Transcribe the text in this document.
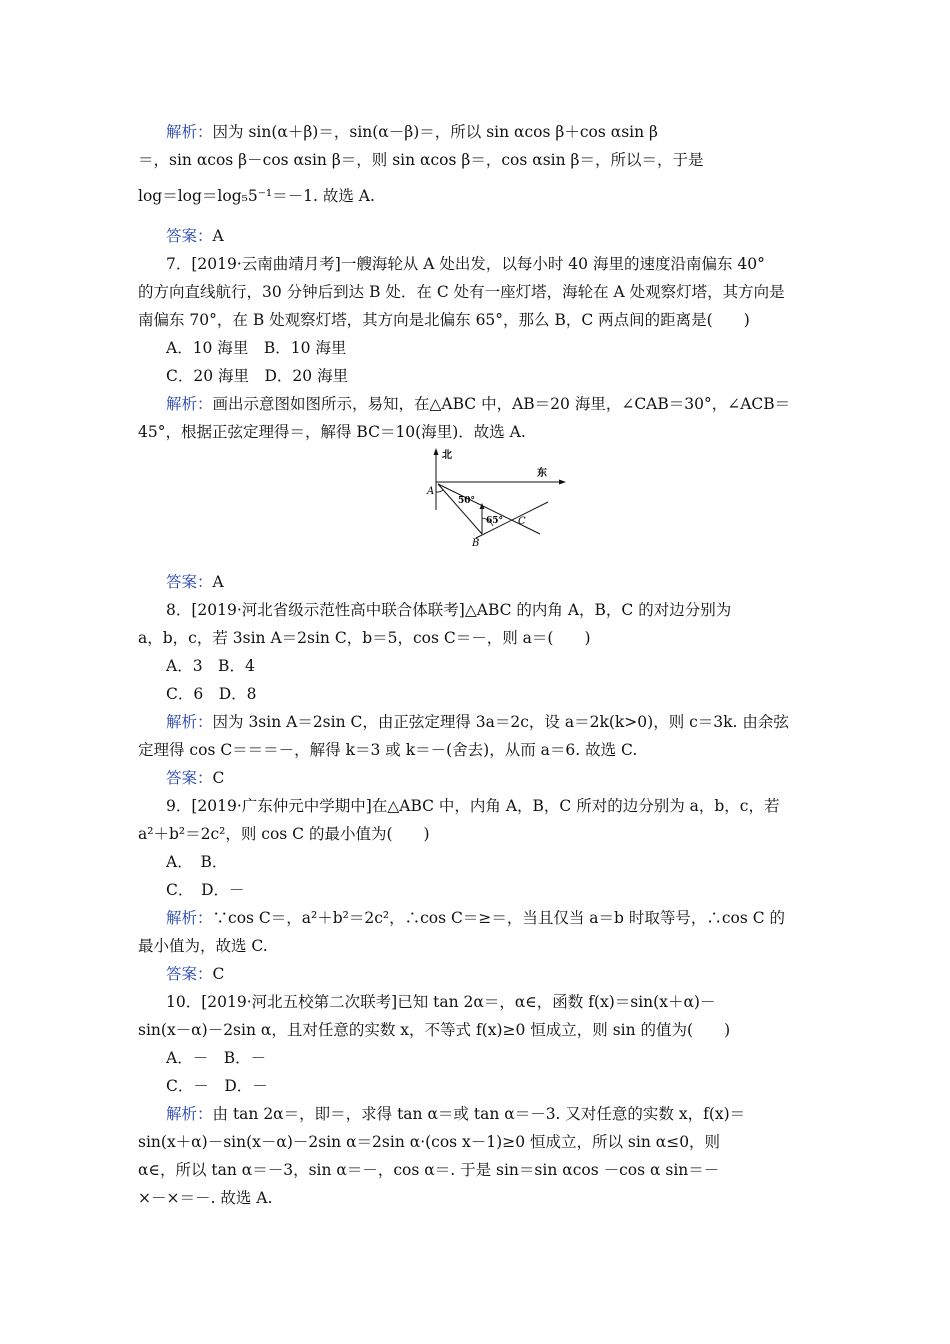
解析：因为 sin(α＋β)＝，sin(α－β)＝，所以 sin αcos β＋cos αsin β
＝，sin αcos β－cos αsin β＝，则 sin αcos β＝，cos αsin β＝，所以＝，于是
log＝log＝log₅5⁻¹＝－1. 故选 A.
答案：A
7．[2019·云南曲靖月考]一艘海轮从 A 处出发，以每小时 40 海里的速度沿南偏东 40°
的方向直线航行，30 分钟后到达 B 处．在 C 处有一座灯塔，海轮在 A 处观察灯塔，其方向是
南偏东 70°，在 B 处观察灯塔，其方向是北偏东 65°，那么 B，C 两点间的距离是(　　)
A．10 海里　B．10 海里
C．20 海里　D．20 海里
解析：画出示意图如图所示，易知，在△ABC 中，AB＝20 海里，∠CAB＝30°，∠ACB＝
45°，根据正弦定理得＝，解得 BC＝10(海里)．故选 A.
北
东
A
B
C
50°
65°
答案：A
8．[2019·河北省级示范性高中联合体联考]△ABC 的内角 A，B，C 的对边分别为
a，b，c，若 3sin A＝2sin C，b＝5，cos C＝－，则 a＝(　　)
A．3　B．4
C．6　D．8
解析：因为 3sin A＝2sin C，由正弦定理得 3a＝2c，设 a＝2k(k>0)，则 c＝3k. 由余弦
定理得 cos C＝＝＝－，解得 k＝3 或 k＝－(舍去)，从而 a＝6. 故选 C.
答案：C
9．[2019·广东仲元中学期中]在△ABC 中，内角 A，B，C 所对的边分别为 a，b，c，若
a²＋b²＝2c²，则 cos C 的最小值为(　　)
A．　B．
C．　D．－
解析：∵cos C＝，a²＋b²＝2c²，∴cos C＝≥＝，当且仅当 a＝b 时取等号，∴cos C 的
最小值为，故选 C.
答案：C
10．[2019·河北五校第二次联考]已知 tan 2α＝，α∈，函数 f(x)＝sin(x＋α)－
sin(x－α)－2sin α，且对任意的实数 x，不等式 f(x)≥0 恒成立，则 sin 的值为(　　)
A．－　B．－
C．－　D．－
解析：由 tan 2α＝，即＝，求得 tan α＝或 tan α＝－3. 又对任意的实数 x，f(x)＝
sin(x＋α)－sin(x－α)－2sin α＝2sin α·(cos x－1)≥0 恒成立，所以 sin α≤0，则
α∈，所以 tan α＝－3，sin α＝－，cos α＝. 于是 sin＝sin αcos －cos α sin＝－
×－×＝－. 故选 A.
